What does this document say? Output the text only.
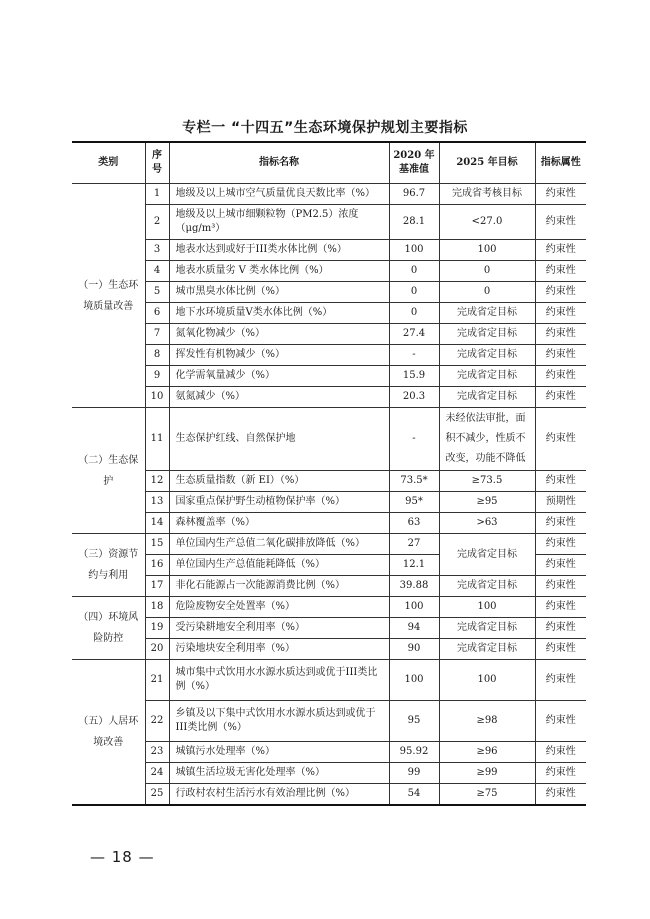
专栏一 “十四五”生态环境保护规划主要指标
类别	序号	指标名称	2020 年基准值	2025 年目标	指标属性
（一）生态环境质量改善	1	地级及以上城市空气质量优良天数比率（%）	96.7	完成省考核目标	约束性
	2	地级及以上城市细颗粒物（PM2.5）浓度（μg/m³）	28.1	<27.0	约束性
	3	地表水达到或好于III类水体比例（%）	100	100	约束性
	4	地表水质量劣 V 类水体比例（%）	0	0	约束性
	5	城市黑臭水体比例（%）	0	0	约束性
	6	地下水环境质量V类水体比例（%）	0	完成省定目标	约束性
	7	氮氧化物减少（%）	27.4	完成省定目标	约束性
	8	挥发性有机物减少（%）	-	完成省定目标	约束性
	9	化学需氧量减少（%）	15.9	完成省定目标	约束性
	10	氨氮减少（%）	20.3	完成省定目标	约束性
（二）生态保护	11	生态保护红线、自然保护地	-	未经依法审批，面积不减少，性质不改变，功能不降低	约束性
	12	生态质量指数（新 EI）（%）	73.5*	≥73.5	约束性
	13	国家重点保护野生动植物保护率（%）	95*	≥95	预期性
	14	森林覆盖率（%）	63	>63	约束性
（三）资源节约与利用	15	单位国内生产总值二氧化碳排放降低（%）	27	完成省定目标	约束性
	16	单位国内生产总值能耗降低（%）	12.1		约束性
	17	非化石能源占一次能源消费比例（%）	39.88	完成省定目标	约束性
（四）环境风险防控	18	危险废物安全处置率（%）	100	100	约束性
	19	受污染耕地安全利用率（%）	94	完成省定目标	约束性
	20	污染地块安全利用率（%）	90	完成省定目标	约束性
（五）人居环境改善	21	城市集中式饮用水水源水质达到或优于III类比例（%）	100	100	约束性
	22	乡镇及以下集中式饮用水水源水质达到或优于III类比例（%）	95	≥98	约束性
	23	城镇污水处理率（%）	95.92	≥96	约束性
	24	城镇生活垃圾无害化处理率（%）	99	≥99	约束性
	25	行政村农村生活污水有效治理比例（%）	54	≥75	约束性
— 18 —
